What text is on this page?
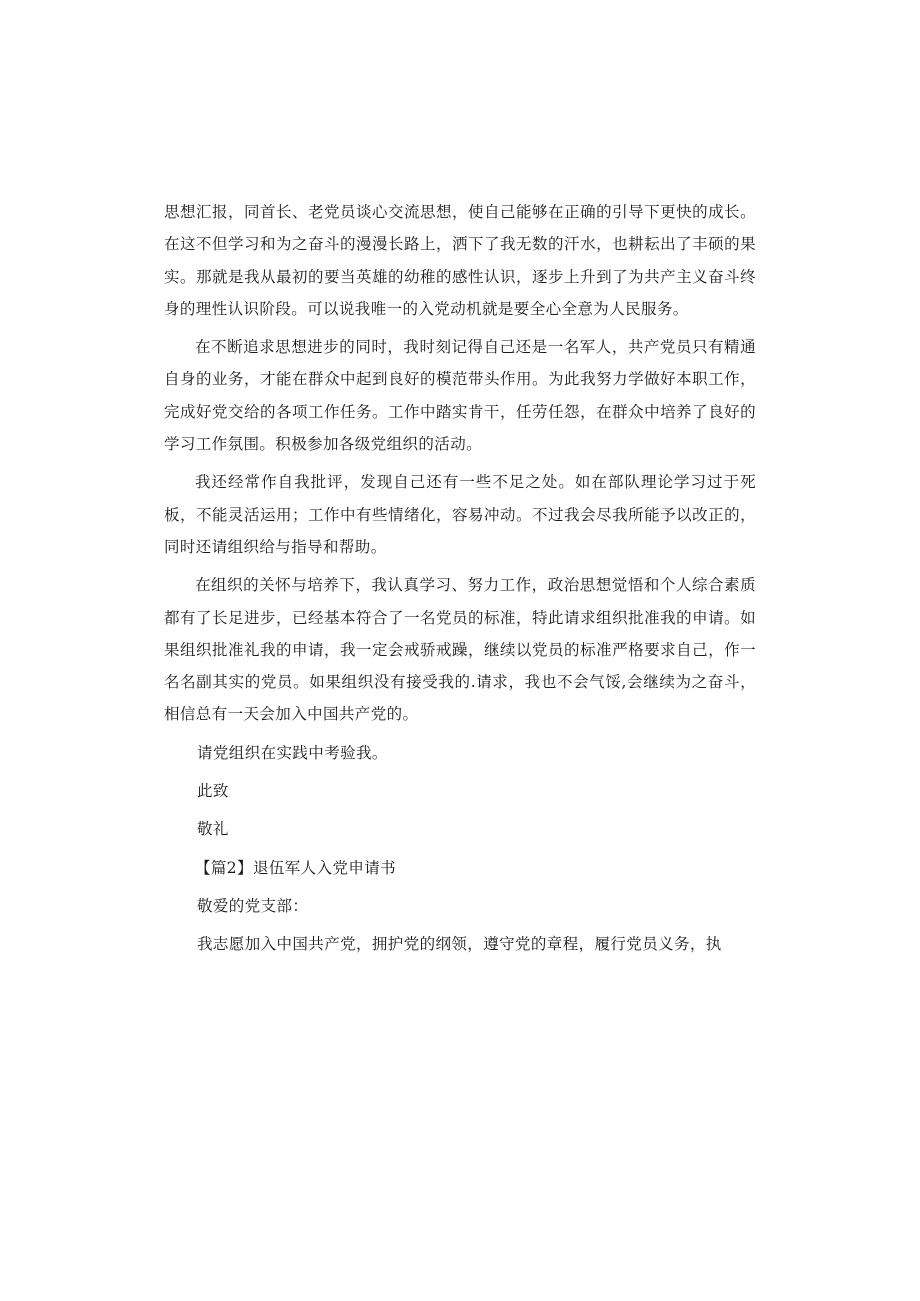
思想汇报，同首长、老党员谈心交流思想，使自己能够在正确的引导下更快的成长。在这不但学习和为之奋斗的漫漫长路上，洒下了我无数的汗水，也耕耘出了丰硕的果实。那就是我从最初的要当英雄的幼稚的感性认识，逐步上升到了为共产主义奋斗终身的理性认识阶段。可以说我唯一的入党动机就是要全心全意为人民服务。

在不断追求思想进步的同时，我时刻记得自己还是一名军人，共产党员只有精通自身的业务，才能在群众中起到良好的模范带头作用。为此我努力学做好本职工作，完成好党交给的各项工作任务。工作中踏实肯干，任劳任怨，在群众中培养了良好的学习工作氛围。积极参加各级党组织的活动。

我还经常作自我批评，发现自己还有一些不足之处。如在部队理论学习过于死板，不能灵活运用；工作中有些情绪化，容易冲动。不过我会尽我所能予以改正的，同时还请组织给与指导和帮助。

在组织的关怀与培养下，我认真学习、努力工作，政治思想觉悟和个人综合素质都有了长足进步，已经基本符合了一名党员的标准，特此请求组织批准我的申请。如果组织批准礼我的申请，我一定会戒骄戒躁，继续以党员的标准严格要求自己，作一名名副其实的党员。如果组织没有接受我的.请求，我也不会气馁,会继续为之奋斗，相信总有一天会加入中国共产党的。

请党组织在实践中考验我。

此致

敬礼

【篇2】退伍军人入党申请书

敬爱的党支部：

我志愿加入中国共产党，拥护党的纲领，遵守党的章程，履行党员义务，执
